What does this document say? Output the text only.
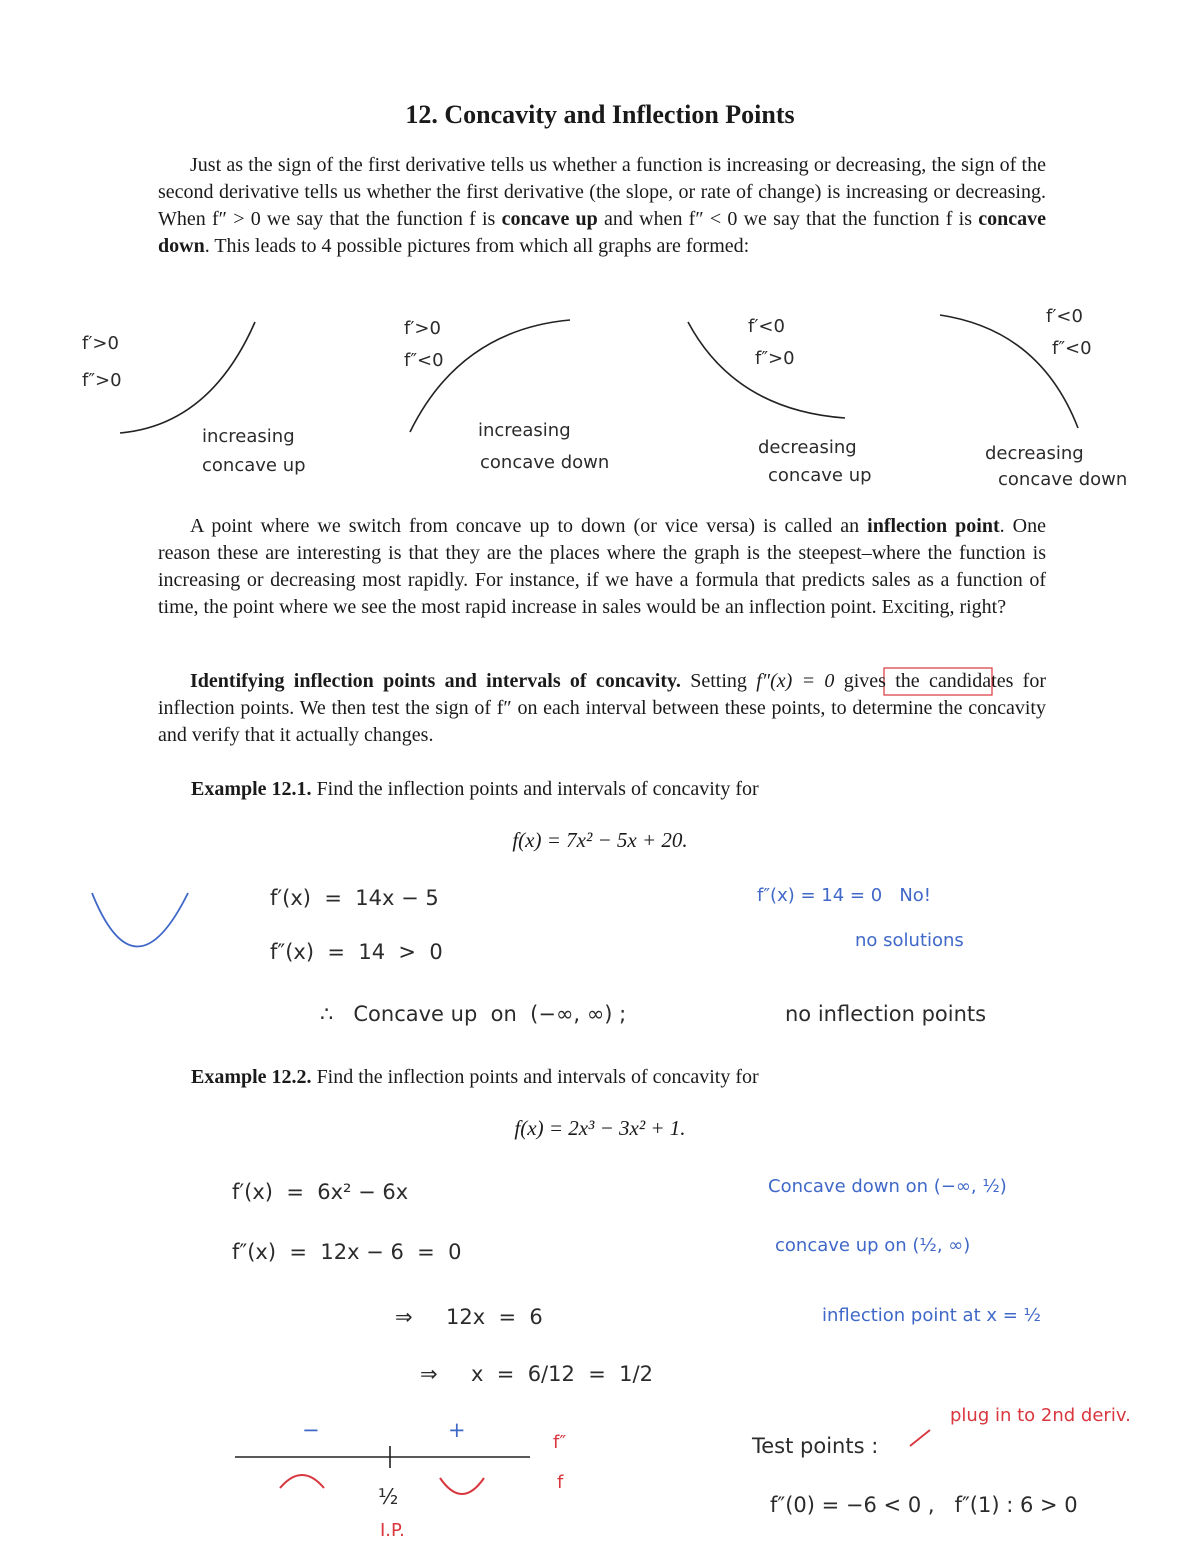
12. Concavity and Inflection Points
Just as the sign of the first derivative tells us whether a function is increasing or decreasing, the sign of the second derivative tells us whether the first derivative (the slope, or rate of change) is increasing or decreasing. When f″ > 0 we say that the function f is concave up and when f″ < 0 we say that the function f is concave down. This leads to 4 possible pictures from which all graphs are formed:
f′>0
f″>0
increasing
concave up
f′>0
f″<0
increasing
concave down
f′<0
f″>0
decreasing
concave up
f′<0
f″<0
decreasing
concave down
A point where we switch from concave up to down (or vice versa) is called an inflection point. One reason these are interesting is that they are the places where the graph is the steepest–where the function is increasing or decreasing most rapidly. For instance, if we have a formula that predicts sales as a function of time, the point where we see the most rapid increase in sales would be an inflection point. Exciting, right?
Identifying inflection points and intervals of concavity. Setting f″(x) = 0 gives the candidates for inflection points. We then test the sign of f″ on each interval between these points, to determine the concavity and verify that it actually changes.
Example 12.1. Find the inflection points and intervals of concavity for
f(x) = 7x² − 5x + 20.
f′(x)  =  14x − 5
f″(x)  =  14  >  0
∴   Concave up  on  (−∞, ∞) ;	no inflection points
f″(x) = 14 = 0   No!
no solutions
Example 12.2. Find the inflection points and intervals of concavity for
f(x) = 2x³ − 3x² + 1.
f′(x)  =  6x² − 6x
f″(x)  =  12x − 6  =  0
⇒     12x  =  6
⇒     x  =  6/12  =  1/2
Concave down on (−∞, ½)
concave up on (½, ∞)
inflection point at x = ½
−	+
f″
f
½
I.P.
plug in to 2nd deriv.
Test points :
f″(0) = −6 < 0 ,   f″(1) : 6 > 0
